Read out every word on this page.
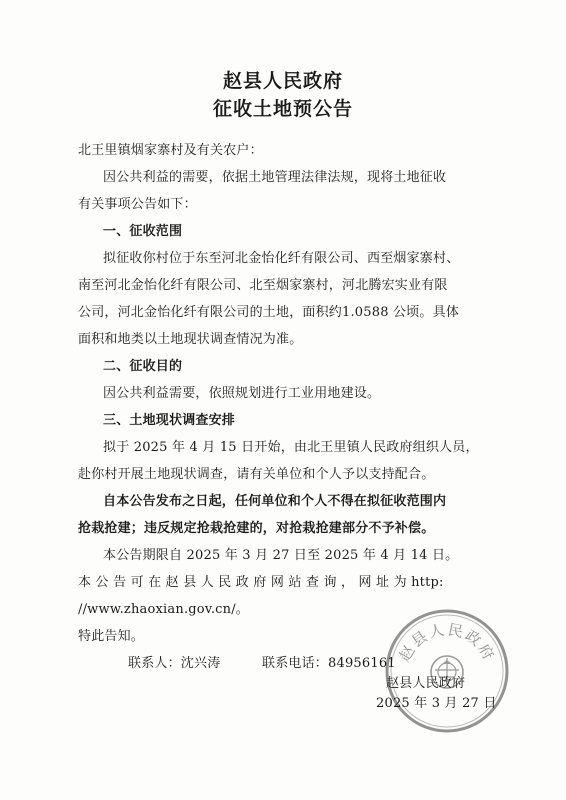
赵县人民政府
征收土地预公告
北王里镇烟家寨村及有关农户：
因公共利益的需要，依据土地管理法律法规，现将土地征收
有关事项公告如下：
一、征收范围
拟征收你村位于东至河北金怡化纤有限公司、西至烟家寨村、
南至河北金怡化纤有限公司、北至烟家寨村，河北腾宏实业有限
公司，河北金怡化纤有限公司的土地，面积约1.0588 公顷。具体
面积和地类以土地现状调查情况为准。
二、征收目的
因公共利益需要，依照规划进行工业用地建设。
三、土地现状调查安排
拟于 2025 年 4 月 15 日开始，由北王里镇人民政府组织人员，
赴你村开展土地现状调查，请有关单位和个人予以支持配合。
自本公告发布之日起，任何单位和个人不得在拟征收范围内
抢栽抢建；违反规定抢栽抢建的，对抢栽抢建部分不予补偿。
本公告期限自 2025 年 3 月 27 日至 2025 年 4 月 14 日。
本 公 告 可 在 赵 县 人 民 政 府 网 站 查 询 ， 网 址 为 http:
//www.zhaoxian.gov.cn/。
特此告知。
联系人：沈兴涛	联系电话：84956161 赵县人民政府
赵县人民政府
2025 年 3 月 27 日
